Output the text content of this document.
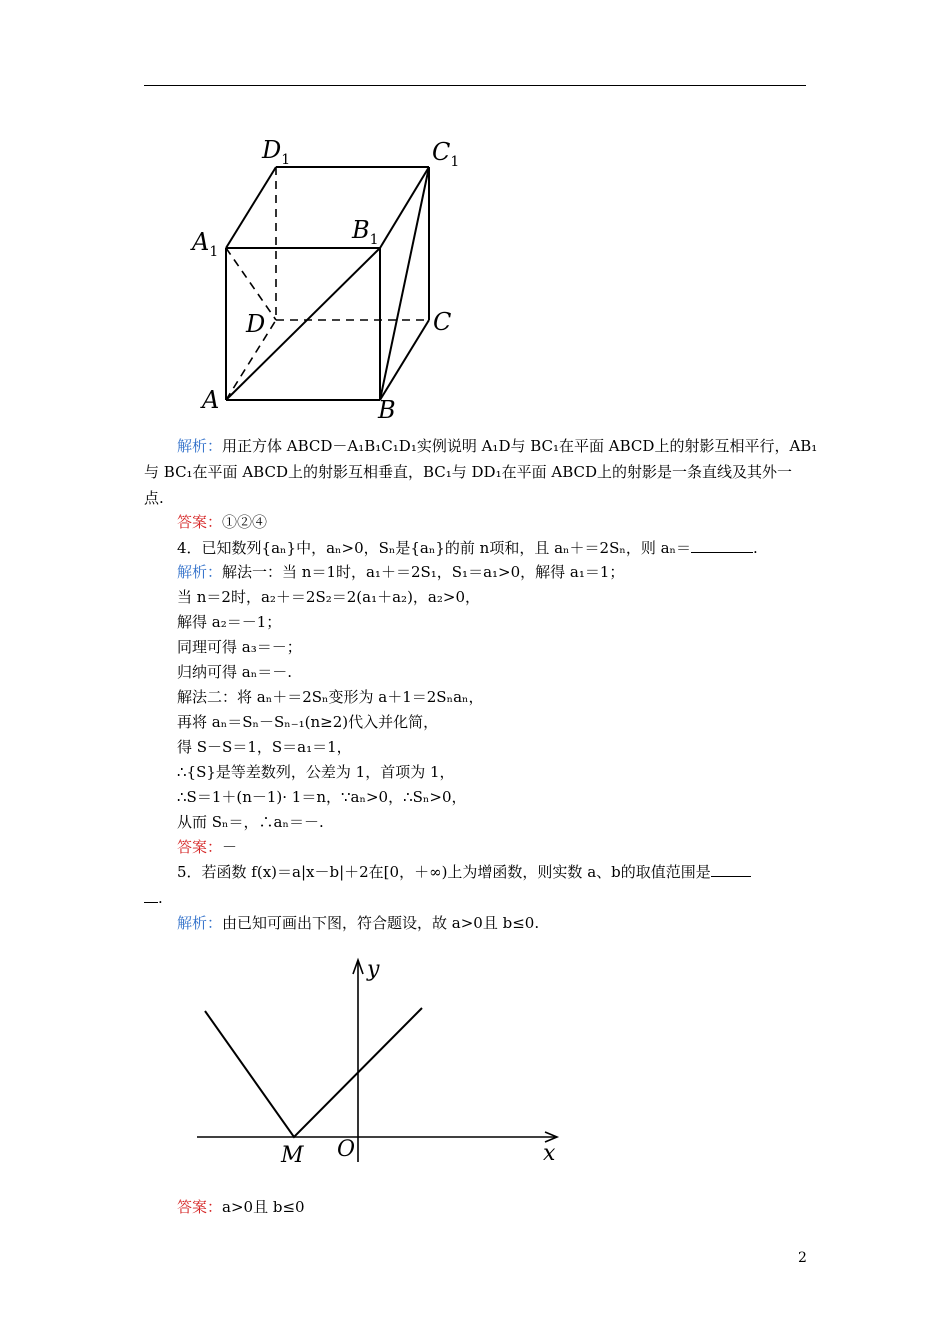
$D_1$	$C_1$
$A_1$
$B_1$
D	C
A	B
解析：用正方体 ABCD－A₁B₁C₁D₁实例说明 A₁D与 BC₁在平面 ABCD上的射影互相平行，AB₁
与 BC₁在平面 ABCD上的射影互相垂直，BC₁与 DD₁在平面 ABCD上的射影是一条直线及其外一
点.
答案：①②④
4．已知数列{aₙ}中，aₙ>0，Sₙ是{aₙ}的前 n项和，且 aₙ＋＝2Sₙ，则 aₙ＝	.
解析：解法一：当 n＝1时，a₁＋＝2S₁，S₁＝a₁>0，解得 a₁＝1；
当 n＝2时，a₂＋＝2S₂＝2(a₁＋a₂)，a₂>0，
解得 a₂＝－1；
同理可得 a₃＝－；
归纳可得 aₙ＝－.
解法二：将 aₙ＋＝2Sₙ变形为 a＋1＝2Sₙaₙ，
再将 aₙ＝Sₙ－Sₙ₋₁(n≥2)代入并化简，
得 S－S＝1，S＝a₁＝1，
∴{S}是等差数列，公差为 1，首项为 1，
∴S＝1＋(n－1)· 1＝n，∵aₙ>0，∴Sₙ>0，
从而 Sₙ＝，∴aₙ＝－.
答案：－
5．若函数 f(x)＝a|x－b|＋2在[0，＋∞)上为增函数，则实数 a、b的取值范围是
.
解析：由已知可画出下图，符合题设，故 a>0且 b≤0.
y
x
M O
答案：a>0且 b≤0
2
